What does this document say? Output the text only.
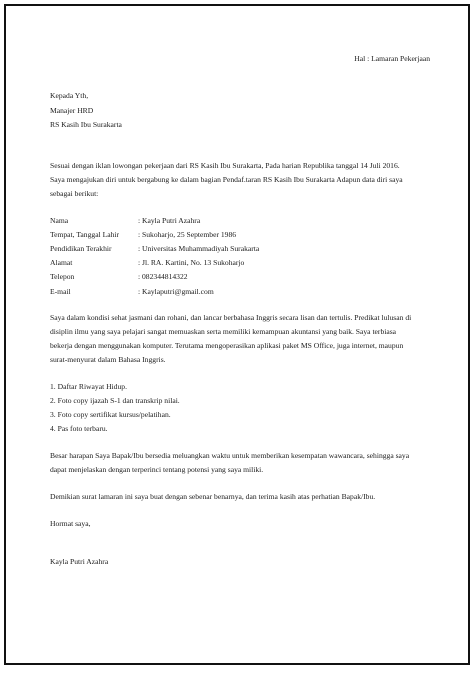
Hal : Lamaran Pekerjaan
Kepada Yth,
Manajer HRD
RS Kasih Ibu Surakarta
Sesuai dengan iklan lowongan pekerjaan dari RS Kasih Ibu Surakarta, Pada harian Republika tanggal 14 Juli 2016.
Saya mengajukan diri untuk bergabung ke dalam bagian Pendaf.taran RS Kasih Ibu Surakarta Adapun data diri saya
sebagai berikut:
Nama	: Kayla Putri Azahra
Tempat, Tanggal Lahir : Sukoharjo, 25 September 1986
Pendidikan Terakhir	: Universitas Muhammadiyah Surakarta
Alamat	: Jl. RA. Kartini, No. 13 Sukoharjo
Telepon	: 082344814322
E-mail	: Kaylaputri@gmail.com
Saya dalam kondisi sehat jasmani dan rohani, dan lancar berbahasa Inggris secara lisan dan tertulis. Predikat lulusan di
disiplin ilmu yang saya pelajari sangat memuaskan serta memiliki kemampuan akuntansi yang baik. Saya terbiasa
bekerja dengan menggunakan komputer. Terutama mengoperasikan aplikasi paket MS Office, juga internet, maupun
surat-menyurat dalam Bahasa Inggris.
1. Daftar Riwayat Hidup.
2. Foto copy ijazah S-1 dan transkrip nilai.
3. Foto copy sertifikat kursus/pelatihan.
4. Pas foto terbaru.
Besar harapan Saya Bapak/Ibu bersedia meluangkan waktu untuk memberikan kesempatan wawancara, sehingga saya
dapat menjelaskan dengan terperinci tentang potensi yang saya miliki.
Demikian surat lamaran ini saya buat dengan sebenar benarnya, dan terima kasih atas perhatian Bapak/Ibu.
Hormat saya,
Kayla Putri Azahra
